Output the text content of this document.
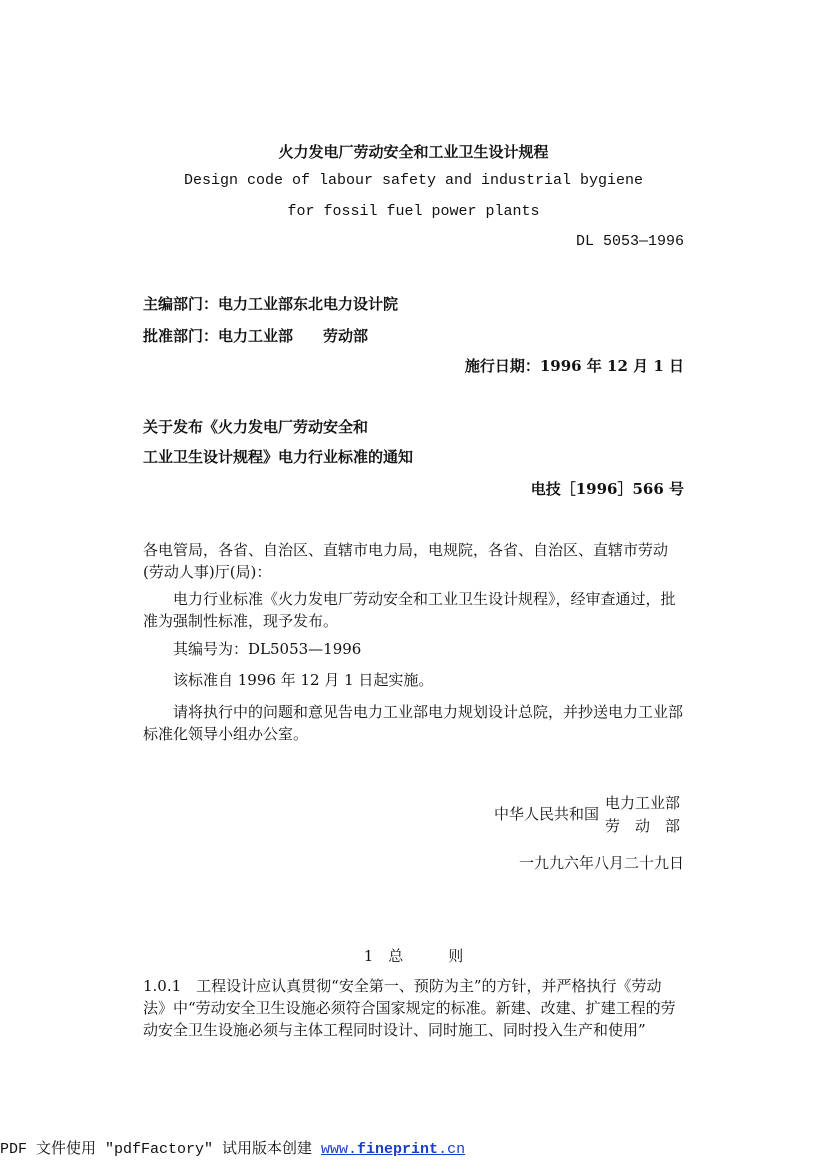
火力发电厂劳动安全和工业卫生设计规程
Design code of labour safety and industrial bygiene
for fossil fuel power plants
DL 5053—1996
主编部门：电力工业部东北电力设计院
批准部门：电力工业部　　劳动部
施行日期：1996 年 12 月 1 日
关于发布《火力发电厂劳动安全和
工业卫生设计规程》电力行业标准的通知
电技［1996］566 号
各电管局，各省、自治区、直辖市电力局，电规院，各省、自治区、直辖市劳动(劳动人事)厅(局)：
电力行业标准《火力发电厂劳动安全和工业卫生设计规程》，经审查通过，批准为强制性标准，现予发布。
其编号为：DL5053—1996
该标准自 1996 年 12 月 1 日起实施。
请将执行中的问题和意见告电力工业部电力规划设计总院，并抄送电力工业部标准化领导小组办公室。
中华人民共和国
电力工业部
劳　动　部
一九九六年八月二十九日
1　总　　　则
1.0.1　工程设计应认真贯彻“安全第一、预防为主”的方针，并严格执行《劳动法》中“劳动安全卫生设施必须符合国家规定的标准。新建、改建、扩建工程的劳动安全卫生设施必须与主体工程同时设计、同时施工、同时投入生产和使用”
PDF 文件使用 "pdfFactory" 试用版本创建 www.fineprint.cn
